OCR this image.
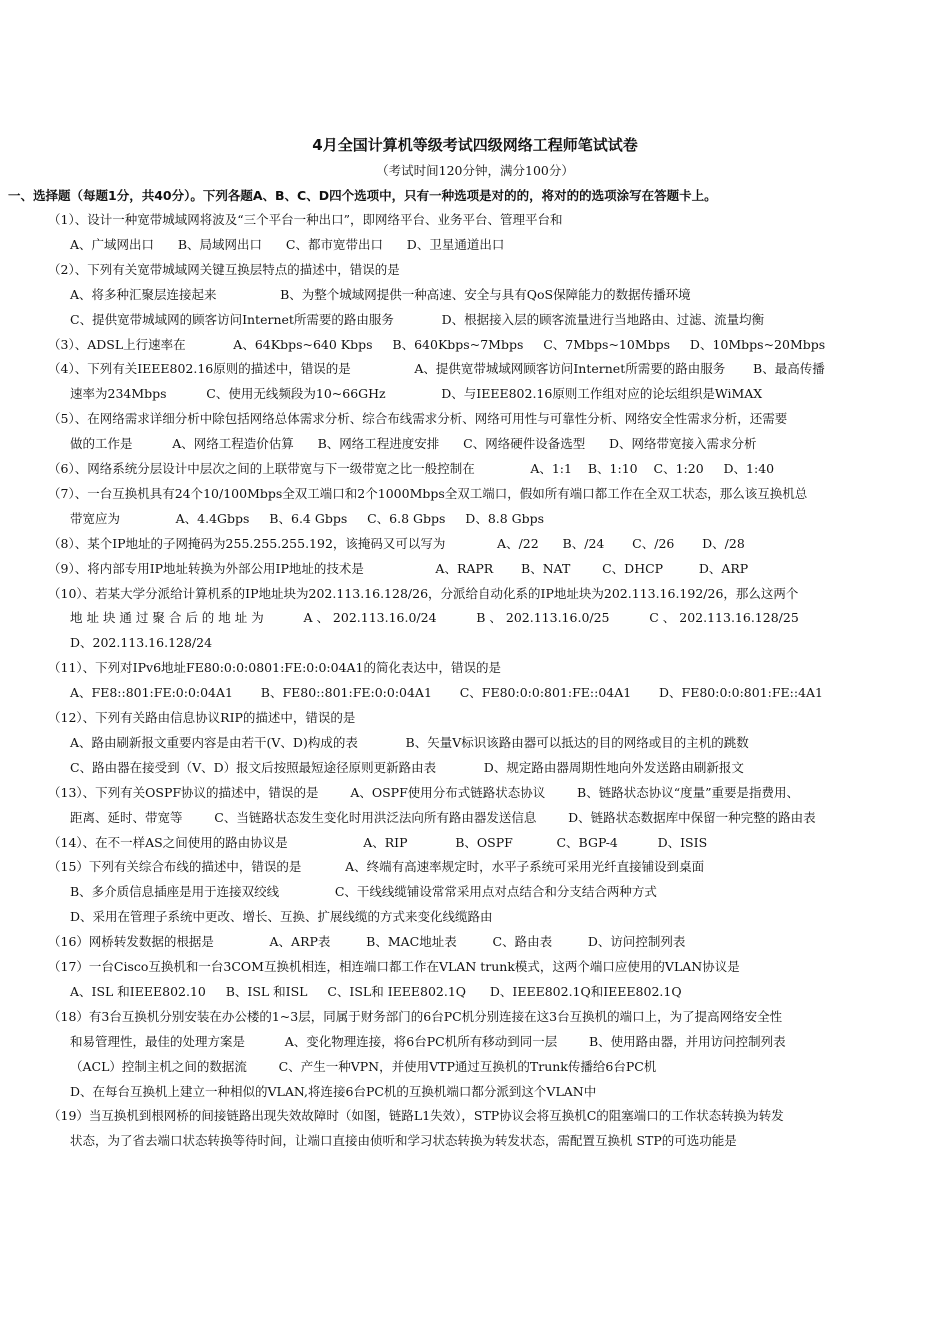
4月全国计算机等级考试四级网络工程师笔试试卷
（考试时间120分钟，满分100分）
一、选择题（每题1分，共40分）。下列各题A、B、C、D四个选项中，只有一种选项是对的的，将对的的选项涂写在答题卡上。
（1）、设计一种宽带城域网将波及“三个平台一种出口”，即网络平台、业务平台、管理平台和
A、广域网出口      B、局域网出口      C、都市宽带出口      D、卫星通道出口
（2）、下列有关宽带城域网关键互换层特点的描述中，错误的是
A、将多种汇聚层连接起来                B、为整个城域网提供一种高速、安全与具有QoS保障能力的数据传播环境
C、提供宽带城域网的顾客访问Internet所需要的路由服务            D、根据接入层的顾客流量进行当地路由、过滤、流量均衡
（3）、ADSL上行速率在            A、64Kbps~640 Kbps     B、640Kbps~7Mbps     C、7Mbps~10Mbps     D、10Mbps~20Mbps
（4）、下列有关IEEE802.16原则的描述中，错误的是                A、提供宽带城域网顾客访问Internet所需要的路由服务       B、最高传播
速率为234Mbps          C、使用无线频段为10~66GHz              D、与IEEE802.16原则工作组对应的论坛组织是WiMAX
（5）、在网络需求详细分析中除包括网络总体需求分析、综合布线需求分析、网络可用性与可靠性分析、网络安全性需求分析，还需要
做的工作是          A、网络工程造价估算      B、网络工程进度安排      C、网络硬件设备选型      D、网络带宽接入需求分析
（6）、网络系统分层设计中层次之间的上联带宽与下一级带宽之比一般控制在              A、1:1    B、1:10    C、1:20     D、1:40
（7）、一台互换机具有24个10/100Mbps全双工端口和2个1000Mbps全双工端口，假如所有端口都工作在全双工状态，那么该互换机总
带宽应为              A、4.4Gbps     B、6.4 Gbps     C、6.8 Gbps     D、8.8 Gbps
（8）、某个IP地址的子网掩码为255.255.255.192，该掩码又可以写为             A、/22      B、/24       C、/26       D、/28
（9）、将内部专用IP地址转换为外部公用IP地址的技术是                  A、RAPR       B、NAT        C、DHCP         D、ARP
（10）、若某大学分派给计算机系的IP地址块为202.113.16.128/26，分派给自动化系的IP地址块为202.113.16.192/26，那么这两个
地 址 块 通 过 聚 合 后 的 地 址 为          A 、 202.113.16.0/24          B 、 202.113.16.0/25          C 、 202.113.16.128/25
D、202.113.16.128/24
（11）、下列对IPv6地址FE80:0:0:0801:FE:0:0:04A1的简化表达中，错误的是
A、FE8::801:FE:0:0:04A1       B、FE80::801:FE:0:0:04A1       C、FE80:0:0:801:FE::04A1       D、FE80:0:0:801:FE::4A1
（12）、下列有关路由信息协议RIP的描述中，错误的是
A、路由刷新报文重要内容是由若干(V、D)构成的表            B、矢量V标识该路由器可以抵达的目的网络或目的主机的跳数
C、路由器在接受到（V、D）报文后按照最短途径原则更新路由表            D、规定路由器周期性地向外发送路由刷新报文
（13）、下列有关OSPF协议的描述中，错误的是        A、OSPF使用分布式链路状态协议        B、链路状态协议“度量”重要是指费用、
距离、延时、带宽等        C、当链路状态发生变化时用洪泛法向所有路由器发送信息        D、链路状态数据库中保留一种完整的路由表
（14）、在不一样AS之间使用的路由协议是                   A、RIP            B、OSPF           C、BGP-4          D、ISIS
（15）下列有关综合布线的描述中，错误的是           A、终端有高速率规定时，水平子系统可采用光纤直接铺设到桌面
B、多介质信息插座是用于连接双绞线              C、干线线缆铺设常常采用点对点结合和分支结合两种方式
D、采用在管理子系统中更改、增长、互换、扩展线缆的方式来变化线缆路由
（16）网桥转发数据的根据是              A、ARP表         B、MAC地址表         C、路由表         D、访问控制列表
（17）一台Cisco互换机和一台3COM互换机相连，相连端口都工作在VLAN trunk模式，这两个端口应使用的VLAN协议是
A、ISL 和IEEE802.10     B、ISL 和ISL     C、ISL和 IEEE802.1Q      D、IEEE802.1Q和IEEE802.1Q
（18）有3台互换机分别安装在办公楼的1~3层，同属于财务部门的6台PC机分别连接在这3台互换机的端口上，为了提高网络安全性
和易管理性，最佳的处理方案是          A、变化物理连接，将6台PC机所有移动到同一层        B、使用路由器，并用访问控制列表
（ACL）控制主机之间的数据流        C、产生一种VPN，并使用VTP通过互换机的Trunk传播给6台PC机
D、在每台互换机上建立一种相似的VLAN,将连接6台PC机的互换机端口都分派到这个VLAN中
（19）当互换机到根网桥的间接链路出现失效故障时（如图，链路L1失效），STP协议会将互换机C的阻塞端口的工作状态转换为转发
状态，为了省去端口状态转换等待时间，让端口直接由侦听和学习状态转换为转发状态，需配置互换机 STP的可选功能是
